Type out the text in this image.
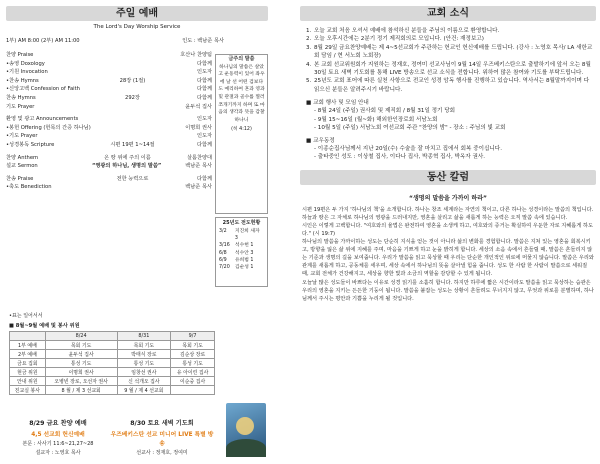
주일 예배
The Lord's Day Worship Service
1부) AM 8:00 (2부) AM 11:00	인도 : 백남준 목사
찬양 Praise	호산나 찬양팀
•송영 Doxology	다함께
•기원 Invocation	인도자
•찬송 Hymns	28장 (1절)	다함께
•신앙고백 Confession of Faith	다함께
찬송 Hymns	292장	다함께
기도 Prayer	윤두석 집사
환영 및 광고 Announcements	인도자
•봉헌 Offering (헌목의 간증 하나님)	이명희 권사
•기도 Prayer	인도자
•성경봉독 Scripture	시편 19편 1~14절	다함께
찬양 Anthem	온 땅 위에 주의 이름	살롬찬양대
설교 Sermon	“영광의 하나님, 생명의 말씀”	백남준 목사
찬송 Praise	전한 능력으로	다함께
•축도 Benediction	백남준 목사
금주의 말씀
하나님의 말씀은 살았고 운동력이 있어 좌우에 날 선 어떤 검보다도 예리하여 혼과 영과 및 관절과 골수를 찔러 쪼개기까지 하며 또 마음의 생각과 뜻을 감찰하나니
(히 4:12)
25년도 전도현황
3/2	지진희 새자 3
3/16	석수헌 1
6/8	석수안 3
6/9	유희범 1
7/20	김순성 1
•표는 일어서서
■ 8월~9월 예배 및 봉사 위원
	8/24	8/31	9/7
1부 예배	목회 기도	목회 기도	목회 기도
2부 예배	윤두석 집사	박태식 장로	김순상 장로
금요 집회	통성 기도	통성 기도	통성 기도
현금 위원	이명희 권사	임창선 권사	유 아이린 집사
안내 위원	오병빈 장로, 오선자 권사	신 석개오 집사	이순중 집사
친교실 봉사	8 월 / 제 3 선교회	9 월 / 제 4 선교회	
8/29 금요 찬양 예배
4,5 선교회 헌신예배
본문 : 사사기 11:6~21,27~28
설교자 : 노영호 목사
8/30 토요 새벽 기도회
우즈베키스탄 선교 미니어 LIVE 특별 방송
선교사 : 정재호, 정여미
교회 소식
1. 오늘 교회 처음 오셔서 예배에 참석하신 분들을 주님의 이름으로 환영합니다.
2. 오늘 오후시간에는 2분기 정기 제직회의로 모입니다. (안건: 재정보고)
3. 8월 29일 금요찬양예배는 제 4~5선교회가 주관하는 헌교인 헌신예배를 드립니다. (강사 : 노영호 목사/ LA 새한교회 담임 / 현 서노회 노회장)
4. 본 교회 선교위원회가 지원하는 정재호, 정여미 선교사님이 9월 14일 우즈베키스탄으로 출발하기에 앞서 오는 8월 30일 토요 새벽 기도회를 통해 LIVE 방송으로 선교 소식을 전합니다. 위하여 많은 참여와 기도를 부탁드립니다.
5. 25년도 교회 표어에 따른 실천 사항으로 전교인 성경 암독 행사를 진행하고 있습니다. 역사서는 8월말까지이며 다 읽으신 분들은 알려주시기 바랍니다.
■ 교회 행사 및 모임 안내
- 8월 24일 (주일) 권사회 및 제직회 / 8월 31일 정기 당회
- 9월 15~16일 (월~화) 해외한인장로회 서남노회
- 10월 5일 (주일) 서남노회 여선교회 주관 "찬양의 밤" - 장소 : 주님의 빛 교회
■ 교우동정
- 이종순집사님께서 지난 20일(수) 수술을 잘 마치고 집에서 회복 중이십니다.
- 출타중인 성도 : 이상철 집사, 이다나 집사, 박종혁 집사, 박옥자 권사.
동산 칼럼
“생명의 말씀을 가까이 하라”

시편 19편은 두 가지 '하나님의 책'을 소개합니다. 하나는 창조 세계라는 자연의 책이고, 다른 하나는 성경이라는 말씀의 책입니다. 하늘과 땅은 그 자체로 하나님의 영광을 드러내지만, 영혼을 살리고 삶을 새롭게 하는 능력은 오직 말씀 속에 있습니다.

시인은 이렇게 고백합니다. "여호와의 율법은 완전하여 영혼을 소생케 하고, 여호와의 증거는 확실하여 우둔한 자로 지혜롭게 하도다." (시 19:7)

하나님의 말씀을 가까이하는 성도는 단순히 지식을 얻는 것이 아니라 삶의 변화를 경험합니다. 말씀은 지쳐 있는 영혼을 회복시키고, 방향을 잃은 삶 위에 지혜를 주며, 마음을 기쁘게 하고 눈을 밝히게 합니다. 세상의 소음 속에서 흔들릴 때, 말씀은 흔들리지 않는 기준과 생명의 길을 보여줍니다. 우리가 말씀을 읽고 묵상할 때 우리는 단순한 개인적인 위로에 머물지 않습니다. 말씀은 우리와 관계를 새롭게 하고, 공동체를 세우며, 세상 속에서 하나님의 뜻을 살아낼 힘을 줍니다. 성도 한 사람 한 사람이 말씀으로 세워질 때, 교회 전체가 건강해지고, 세상을 향한 빛과 소금의 역할을 감당할 수 있게 됩니다.

오늘날 많은 성도들이 바쁘다는 이유로 성경 읽기를 소홀히 합니다. 하지만 하루에 짧은 시간이라도 말씀을 읽고 묵상하는 습관은 우리의 영혼을 지키는 든든한 기둥이 됩니다. 말씀을 붙잡는 성도는 상황이 흔들려도 무너지지 않고, 무엇과 위로를 분별하며, 하나님께서 주시는 평안과 기쁨을 누리게 될 것입니다.
